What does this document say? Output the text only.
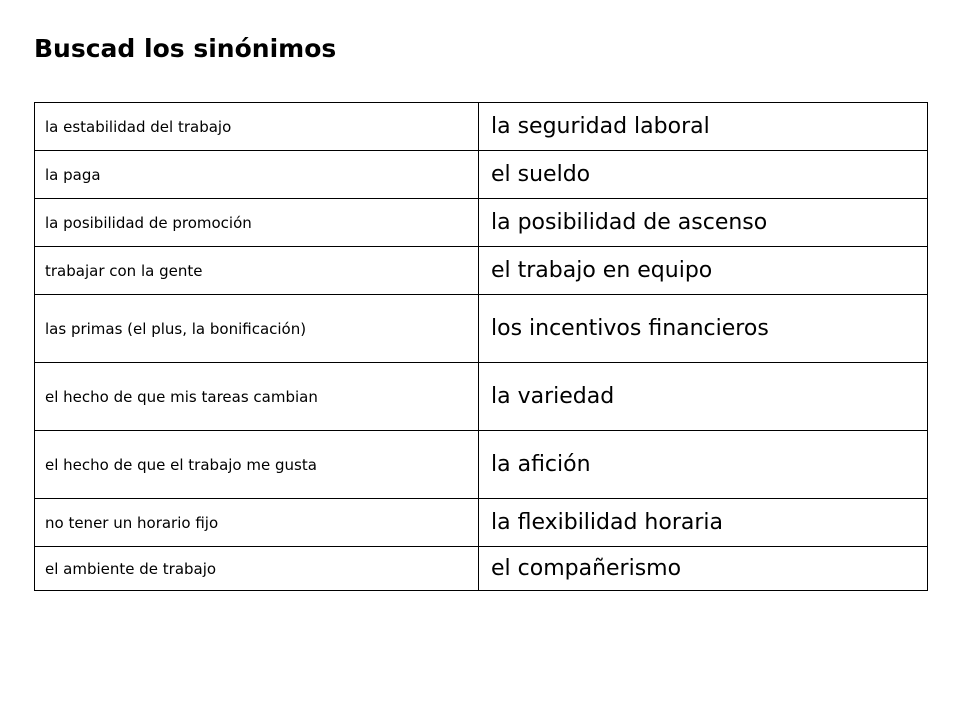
Buscad los sinónimos
la estabilidad del trabajo	la seguridad laboral
la paga	el sueldo
la posibilidad de promoción	la posibilidad de ascenso
trabajar con la gente	el trabajo en equipo
las primas (el plus, la bonificación)	los incentivos financieros
el hecho de que mis tareas cambian	la variedad
el hecho de que el trabajo me gusta	la afición
no tener un horario fijo	la flexibilidad horaria
el ambiente de trabajo	el compañerismo
